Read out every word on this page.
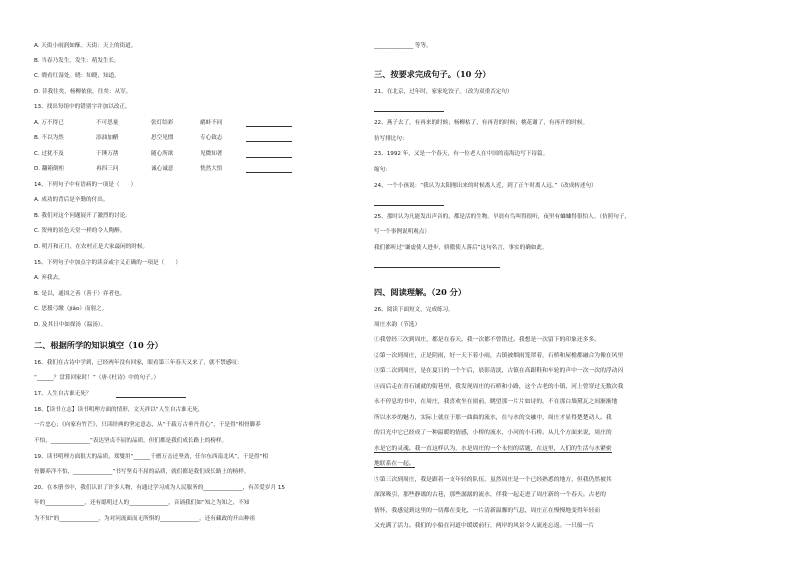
A. 天街小雨润如酥。天街：天上的街道。
B. 当春乃发生。发生：萌发生长。
C. 晓看红湿处。晓：知晓，知道。
D. 昔我往矣，杨柳依依。往矣：从军。
13、找出每组中的错别字并加以改正。
A. 万不得已	不可思量	张灯结彩	鹬蚌不同
B. 不以为然	添油加醋	思空见惯	专心致志
C. 过犹不及	千锤万凿	随心所欲	见微知著
D. 翻箱倒柜	再四三问	诚心诚意	恍然大悟
14、下列句子中有语病的一项是（　　）
A. 成功的背后是辛勤的付出。
B. 我们对这个问题展开了激烈的讨论。
C. 贺州的景色天堂一样的令人陶醉。
D. 明月和正月，在农村正是大家最闲的时候。
15、下列句子中加点字的读音或字义正确的一项是（　　）
A. 弃我去。
B. 是以，通国之善（善于）弈者也。
C. 思援弓缴（jiǎo）而射之。
D. 及其日中如探汤（温汤）。
二、根据所学的知识填空（10 分）
16、我们在古诗中学到，已经两年没有回家，眼看第三年春天又来了，就不禁感叹：
“______？盘算回家时！”（唐·《杜诗》中的句子。）
17、人生自古谁无死？
18、【读书立志】读书明理方面的情形，文天祥以“人生自古谁无死，
一片忠心；《向家有竹芒》，只读经典的坚定意志，从“千载万古垂丹青心”，于是得“相骨脚养
不怕，______________”表达坚贞不屈的品质，但们都是我们成长路上的榜样。
19、读书明理方面很大的品质，郑燮用“______千磨万击还坚劲，任尔东西南北风”，于是得“相
骨脚养洋不怕，______________”书写坚贞不屈的品质，就们都是我们成长路上的榜样。
20、在本册书中，我们认识了许多人物，有通过学习成为人民服务的______________，有苦爱岁月 15
年的______________，还有聪明过人的______________，音诵我们如“知之为知之，不知
为不知”的______________，为对问流面而无所惧的______________，还有藏政的开山种祖
______________ 等等。
三、按要求完成句子。（10 分）
21、在北京，过年时，家家吃饺子。（改为双重否定句）
22、燕子去了，有再来的时候；杨柳枯了，有再青的时候；桃花谢了，有再开的时候。
仿写排比句：
23、1992 年，又是一个春天，有一位老人在中国的南海边写下诗篇。
缩句：
24、一个小孩说：“我认为太阳刚出来的时候离人近，到了正午时离人远。”（改成转述句）
25、那时认为凡能发出声音的，都是活的生物。早晨有鸟叫得很听，夜里有蛐蛐得很怕人。（仿照句子，
写一个事例说明观点）
我们都听过“谦虚使人进步，骄傲使人落后”这句名言，事实的确如此。
四、阅读理解。（20 分）
26、阅读下面短文，完成练习。
周庄水韵（节选）
①我曾经三次到周庄，都是在春天。我一次都不曾错过。我想是一次留下的印象还多多。
②第一次到周庄，正是阴雨，好一天下着小雨，古镇被烟雨笼罩着，石桥和屋檐都融合为像在风里
③第二次到周庄，是在夏日的一个午后，晨影清淡，古镇在高跟鞋和车轮的声中一次一次的浮动闪
④而后走在青石铺就的街巷里，我发现周庄的石桥和小路，这个古老的小镇，河上曾穿过无数次我
永不停息的书中，在周庄，我喜欢坐在窗前，眺望那一片片如诗的，不在那白墙黛瓦之间渐渐地
所以水乡的魅力，实际上就在于那一曲曲的流水，在与水的交融中，周庄才显得楚楚动人。我
的目光中它已经成了一种温暖的情感，小桥的流水，小河的小石桥。从几个方面来说，周庄的
水是它的灵魂。我一直这样认为，水是周庄的一个永恒的话题，在这里，人们的生活与水紧密
地联系在一起。
⑤第三次到周庄，我是跟着一支年轻的队伍，虽然周庄是一个已经熟悉的地方，但我仍然被其
深深吸引，那些静谧的古巷，那些潺潺的流水，伴我一起走进了周庄新的一个春天。古老的
情怀，我感觉到这里的一切都在变化，一片清新温馨的气息，周庄正在慢慢地变得年轻而
又充满了活力。我们的小船在河道中缓缓前行，两岸的风景令人流连忘返。一只船一片
